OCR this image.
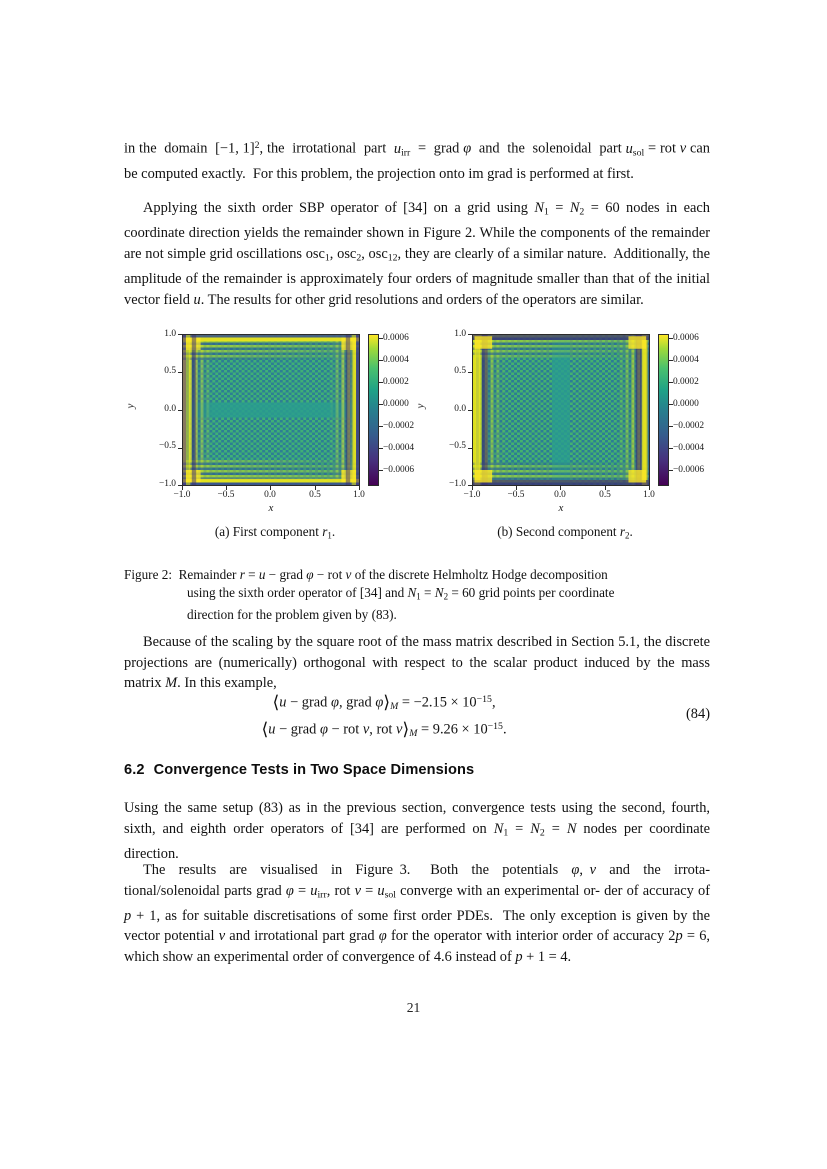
in the  domain  [−1, 1]$^2$, the  irrotational  part  $u_{irr}$  =  grad φ  and  the  solenoidal  part $u_{sol}$ = rot v can be computed exactly.  For this problem, the projection onto im grad is performed at first.
Applying the sixth order SBP operator of [34] on a grid using $N_1 = N_2 = 60$ nodes in each coordinate direction yields the remainder shown in Figure 2. While the components of the remainder are not simple grid oscillations osc$_1$, osc$_2$, osc$_{12}$, they are clearly of a similar nature.  Additionally, the amplitude of the remainder is approximately four orders of magnitude smaller than that of the initial vector field u. The results for other grid resolutions and orders of the operators are similar.
y
1.0
0.5
0.0
−0.5
−1.0
0.0006
0.0004
0.0002
0.0000
−0.0002
−0.0004
−0.0006
−1.0	−0.5	0.0	0.5	1.0
x
(a) First component $r_1$.
y
1.0
0.5
0.0
−0.5
−1.0
0.0006
0.0004
0.0002
0.0000
−0.0002
−0.0004
−0.0006
−1.0	−0.5	0.0	0.5	1.0
x
(b) Second component $r_2$.
Figure 2:  Remainder r = u − grad φ − rot v of the discrete Helmholtz Hodge decomposition
using the sixth order operator of [34] and $N_1 = N_2 = 60$ grid points per coordinate
direction for the problem given by (83).
Because of the scaling by the square root of the mass matrix described in Section 5.1, the discrete projections are (numerically) orthogonal with respect to the scalar product induced by the mass matrix M. In this example,
⟨u − grad φ, grad $\varphi⟩_M = -2.15 \times 10^{-15}$,
⟨u − grad φ − rot v, rot $v⟩_M = 9.26 \times 10^{-15}$.
(84)
6.2 Convergence Tests in Two Space Dimensions
Using the same setup (83) as in the previous section, convergence tests using the second, fourth, sixth, and eighth order operators of [34] are performed on $N_1 = N_2 = N$ nodes per coordinate direction.
The  results  are  visualised  in  Figure 3.   Both  the  potentials  φ, v  and  the  irrota- tional/solenoidal parts grad $\varphi = u_{irr}$, rot $v = u_{sol}$ converge with an experimental or- der of accuracy of p + 1, as for suitable discretisations of some first order PDEs.  The only exception is given by the vector potential v and irrotational part grad φ for the operator with interior order of accuracy 2p = 6, which show an experimental order of convergence of 4.6 instead of p + 1 = 4.
21
